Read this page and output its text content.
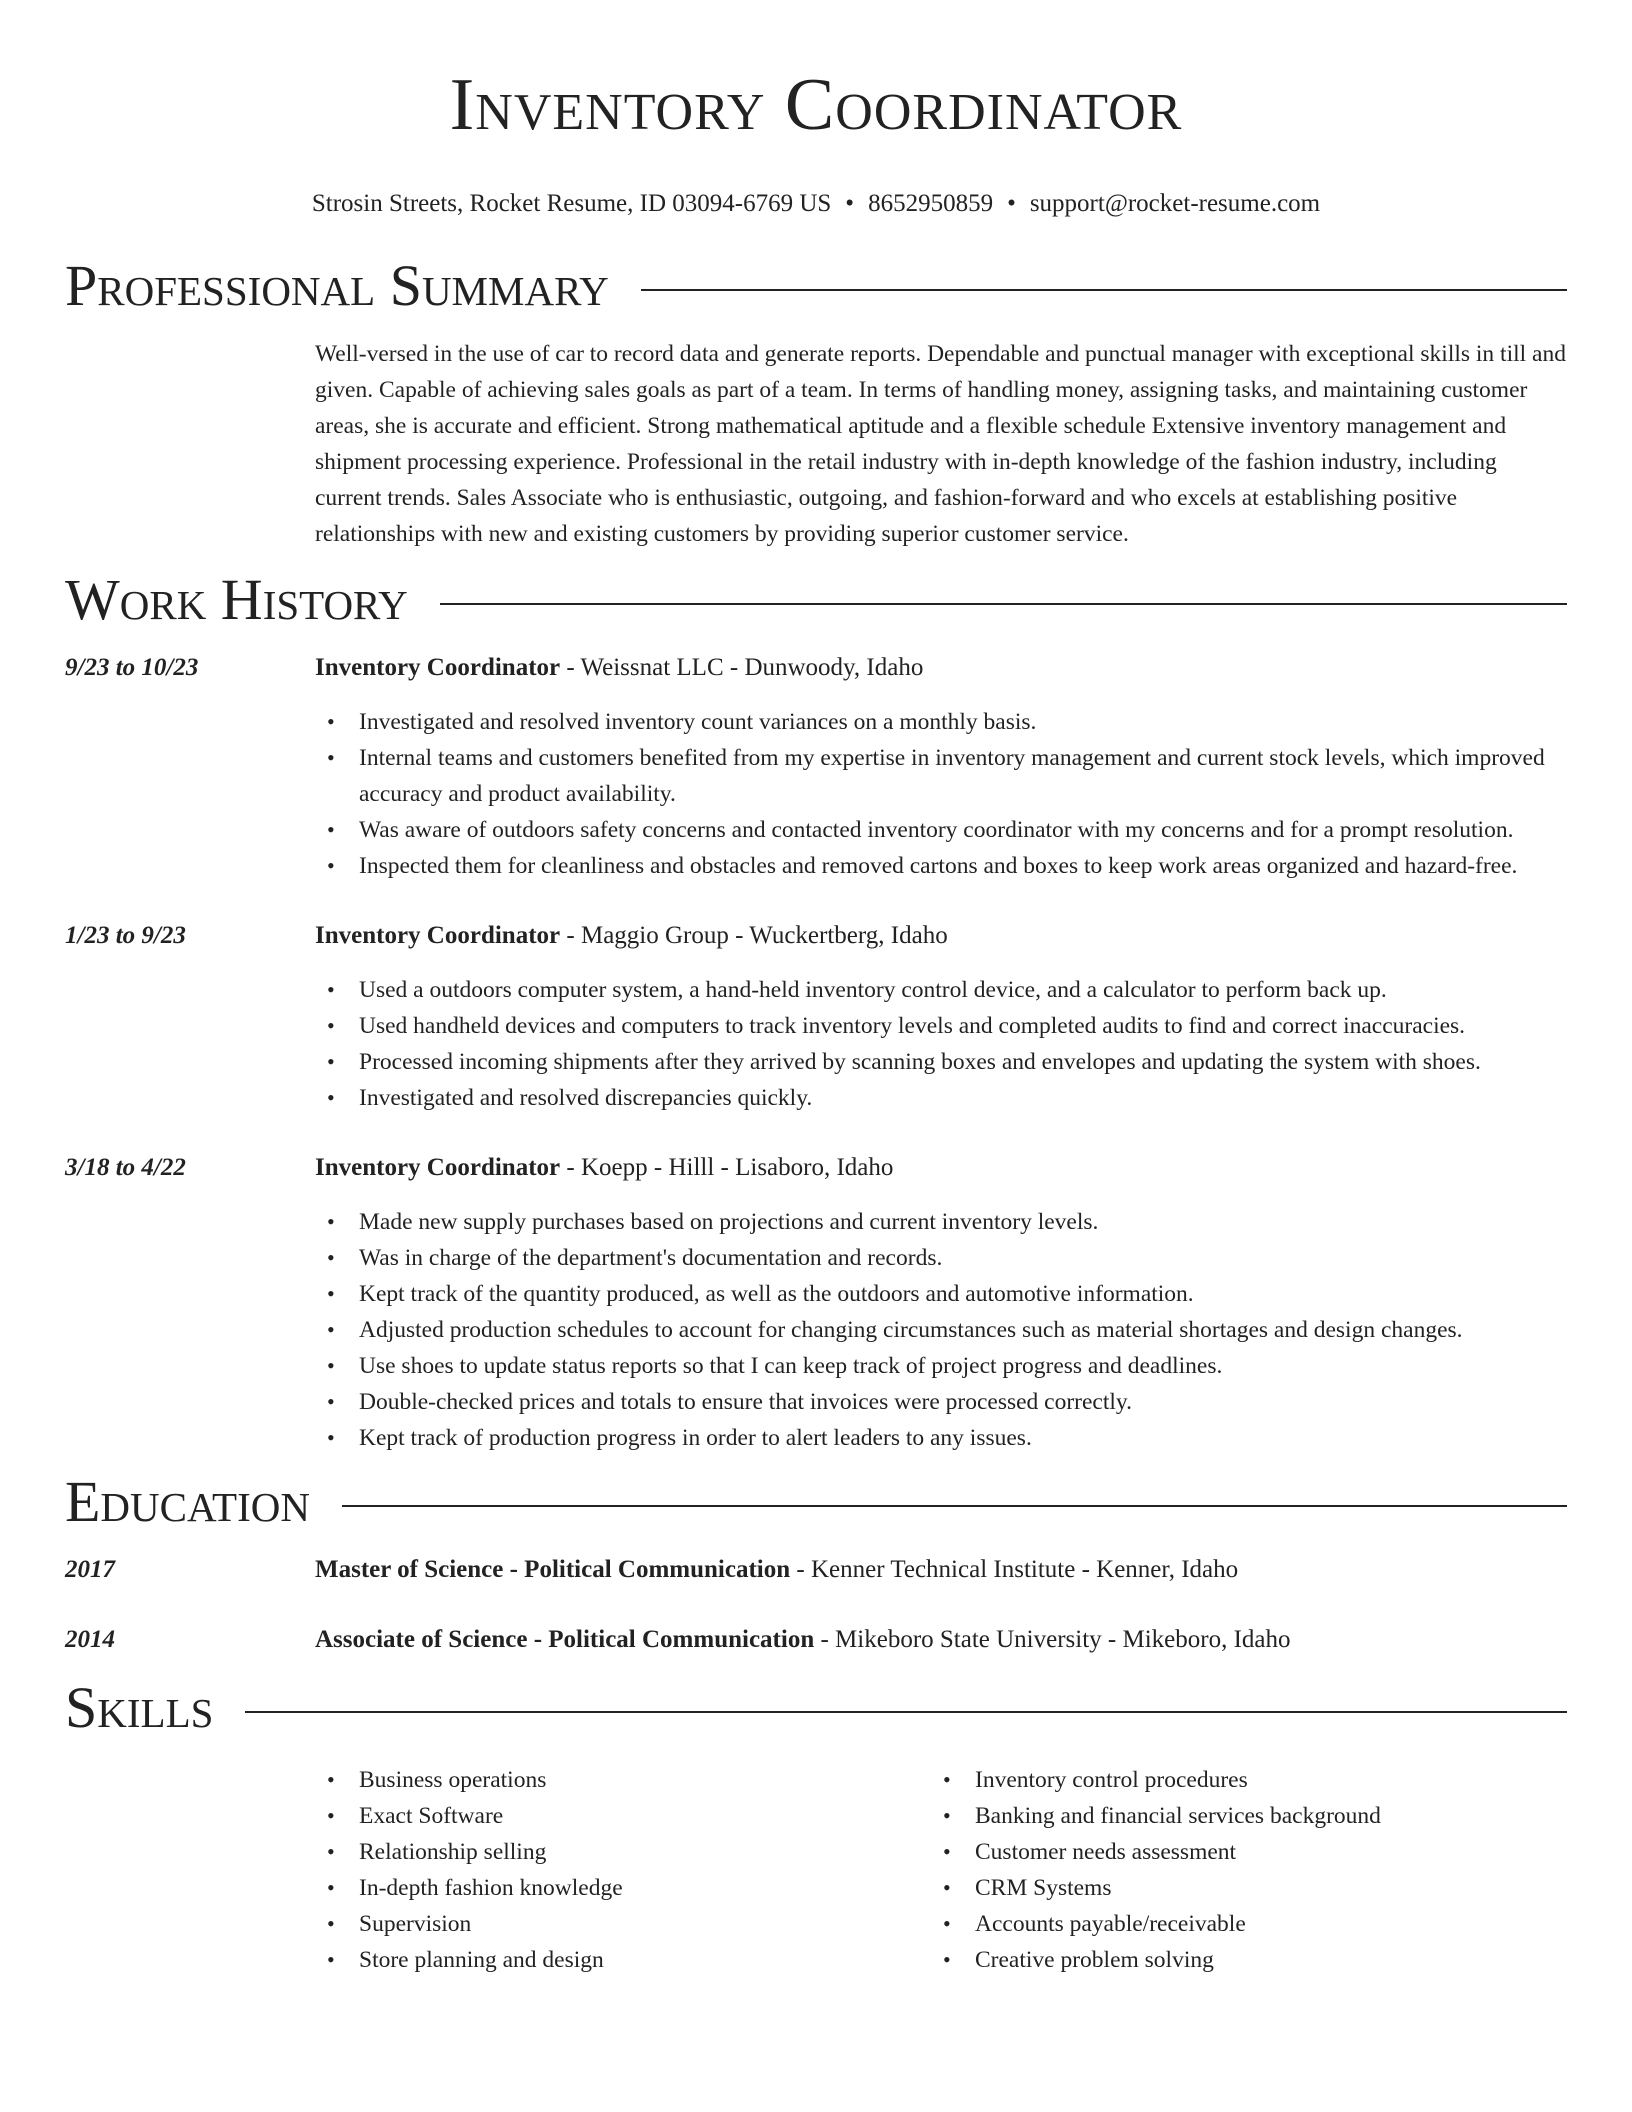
Inventory Coordinator
Strosin Streets, Rocket Resume, ID 03094-6769 US • 8652950859 • support@rocket-resume.com
Professional Summary

Well-versed in the use of car to record data and generate reports. Dependable and punctual manager with exceptional skills in till and given. Capable of achieving sales goals as part of a team. In terms of handling money, assigning tasks, and maintaining customer areas, she is accurate and efficient. Strong mathematical aptitude and a flexible schedule Extensive inventory management and shipment processing experience. Professional in the retail industry with in-depth knowledge of the fashion industry, including current trends. Sales Associate who is enthusiastic, outgoing, and fashion-forward and who excels at establishing positive relationships with new and existing customers by providing superior customer service.

Work History
9/23 to 10/23	Inventory Coordinator - Weissnat LLC - Dunwoody, Idaho
• Investigated and resolved inventory count variances on a monthly basis.
• Internal teams and customers benefited from my expertise in inventory management and current stock levels, which improved accuracy and product availability.
• Was aware of outdoors safety concerns and contacted inventory coordinator with my concerns and for a prompt resolution.
• Inspected them for cleanliness and obstacles and removed cartons and boxes to keep work areas organized and hazard-free.
1/23 to 9/23	Inventory Coordinator - Maggio Group - Wuckertberg, Idaho
• Used a outdoors computer system, a hand-held inventory control device, and a calculator to perform back up.
• Used handheld devices and computers to track inventory levels and completed audits to find and correct inaccuracies.
• Processed incoming shipments after they arrived by scanning boxes and envelopes and updating the system with shoes.
• Investigated and resolved discrepancies quickly.
3/18 to 4/22	Inventory Coordinator - Koepp - Hilll - Lisaboro, Idaho
• Made new supply purchases based on projections and current inventory levels.
• Was in charge of the department's documentation and records.
• Kept track of the quantity produced, as well as the outdoors and automotive information.
• Adjusted production schedules to account for changing circumstances such as material shortages and design changes.
• Use shoes to update status reports so that I can keep track of project progress and deadlines.
• Double-checked prices and totals to ensure that invoices were processed correctly.
• Kept track of production progress in order to alert leaders to any issues.
Education
2017	Master of Science - Political Communication - Kenner Technical Institute - Kenner, Idaho
2014	Associate of Science - Political Communication - Mikeboro State University - Mikeboro, Idaho
Skills
• Business operations
• Exact Software
• Relationship selling
• In-depth fashion knowledge
• Supervision
• Store planning and design
• Inventory control procedures
• Banking and financial services background
• Customer needs assessment
• CRM Systems
• Accounts payable/receivable
• Creative problem solving
